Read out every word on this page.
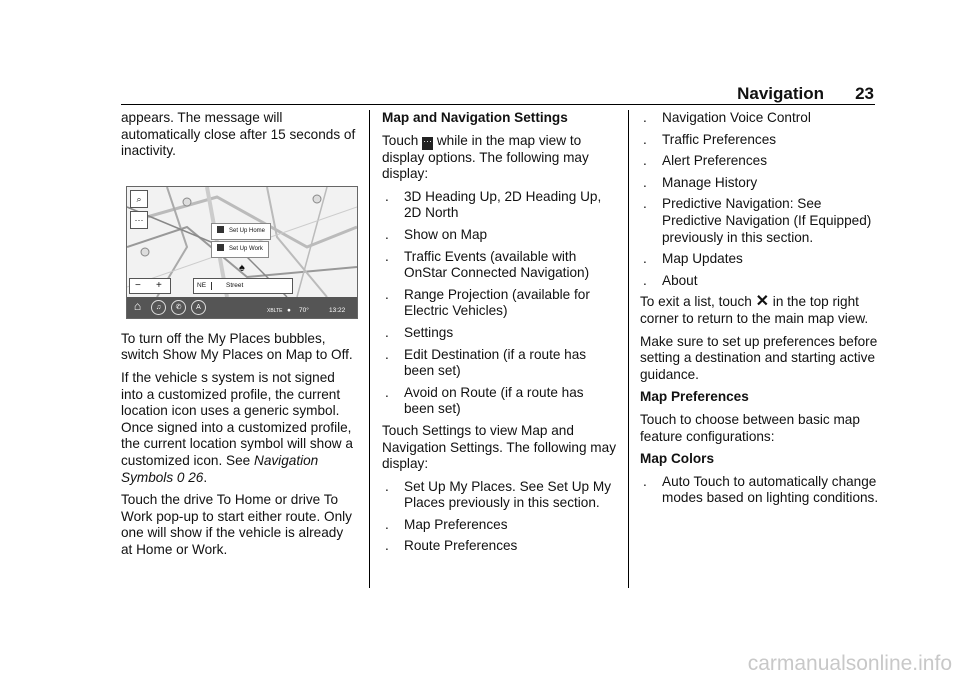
Navigation 23

appears. The message will automatically close after 15 seconds of inactivity.

⌕
···
Set Up Home
Set Up Work
♠
− +	NE	Street
⌂	♫	✆	A	XBLTE ● 70°	13:22

To turn off the My Places bubbles, switch Show My Places on Map to Off.

If the vehicle s system is not signed into a customized profile, the current location icon uses a generic symbol. Once signed into a customized profile, the current location symbol will show a customized icon. See Navigation Symbols 0 26.

Touch the drive To Home or drive To Work pop-up to start either route. Only one will show if the vehicle is already at Home or Work.

Map and Navigation Settings

Touch ··· while in the map view to display options. The following may display:

. 3D Heading Up, 2D Heading Up, 2D North
. Show on Map
. Traffic Events (available with OnStar Connected Navigation)
. Range Projection (available for Electric Vehicles)
. Settings
. Edit Destination (if a route has been set)
. Avoid on Route (if a route has been set)

Touch Settings to view Map and Navigation Settings. The following may display:

. Set Up My Places. See Set Up My Places previously in this section.
. Map Preferences
. Route Preferences
. Navigation Voice Control
. Traffic Preferences
. Alert Preferences
. Manage History
. Predictive Navigation: See Predictive Navigation (If Equipped) previously in this section.
. Map Updates
. About

To exit a list, touch ✕ in the top right corner to return to the main map view.

Make sure to set up preferences before setting a destination and starting active guidance.

Map Preferences

Touch to choose between basic map feature configurations:

Map Colors
. Auto Touch to automatically change modes based on lighting conditions.
carmanualsonline.info
